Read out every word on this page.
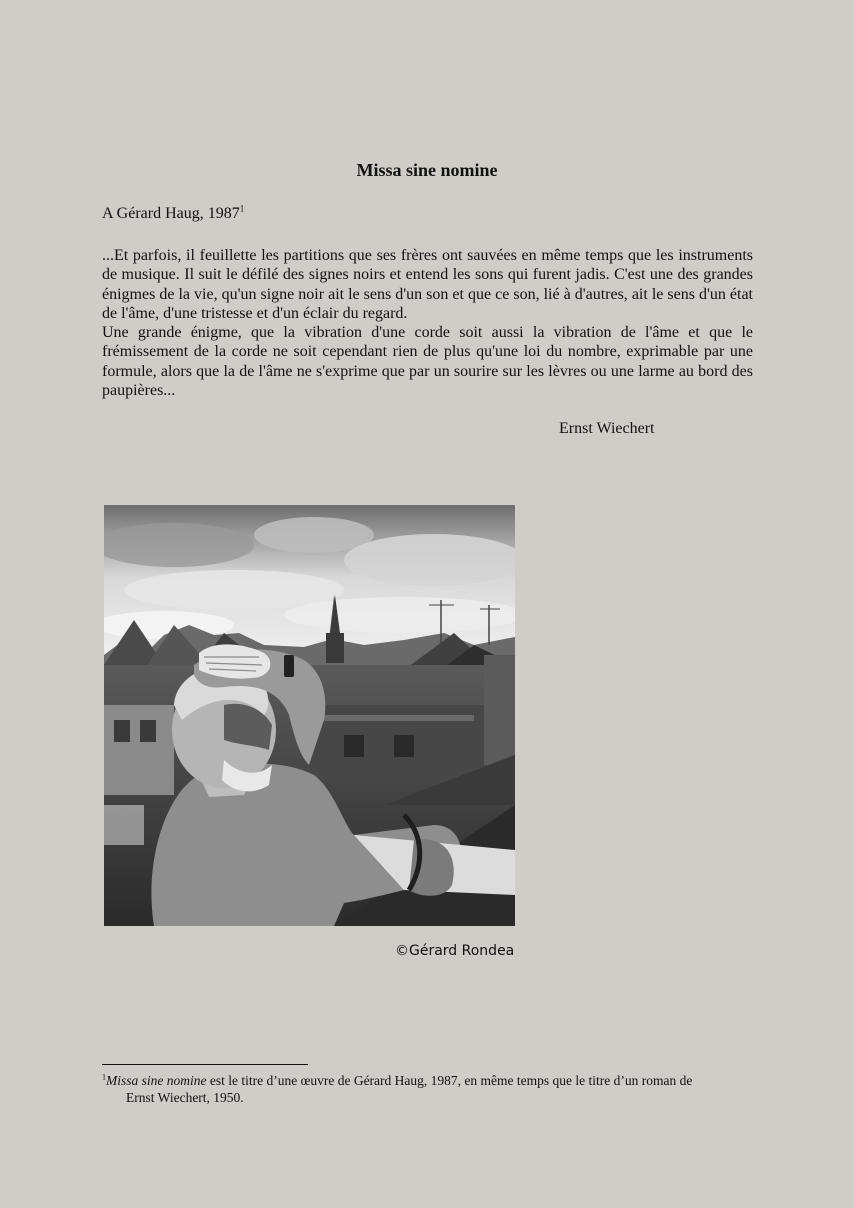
Missa sine nomine
A Gérard Haug, 1987$^1$

...Et parfois, il feuillette les partitions que ses frères ont sauvées en même temps que les instruments de musique. Il suit le défilé des signes noirs et entend les sons qui furent jadis. C'est une des grandes énigmes de la vie, qu'un signe noir ait le sens d'un son et que ce son, lié à d'autres, ait le sens d'un état de l'âme, d'une tristesse et d'un éclair du regard.

Une grande énigme, que la vibration d'une corde soit aussi la vibration de l'âme et que le frémissement de la corde ne soit cependant rien de plus qu'une loi du nombre, exprimable par une formule, alors que la de l'âme ne s'exprime que par un sourire sur les lèvres ou une larme au bord des paupières...

Ernst Wiechert
©Gérard Rondea
$^1$Missa sine nomine est le titre d’une œuvre de Gérard Haug, 1987, en même temps que le titre d’un roman de
Ernst Wiechert, 1950.
